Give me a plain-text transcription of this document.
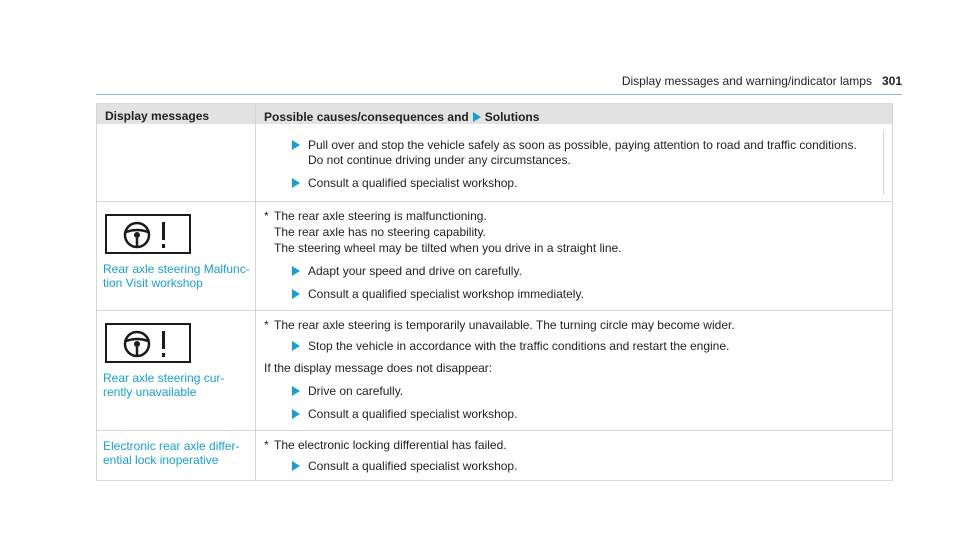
Display messages and warning/indicator lamps 301
Display messages	Possible causes/consequences and Solutions
Pull over and stop the vehicle safely as soon as possible, paying attention to road and traffic conditions. Do not continue driving under any circumstances.
Consult a qualified specialist workshop.
Rear axle steering Malfunc-
tion Visit workshop

* The rear axle steering is malfunctioning.

The rear axle has no steering capability.

The steering wheel may be tilted when you drive in a straight line.

Adapt your speed and drive on carefully.
Consult a qualified specialist workshop immediately.
Rear axle steering cur-
rently unavailable

* The rear axle steering is temporarily unavailable. The turning circle may become wider.

Stop the vehicle in accordance with the traffic conditions and restart the engine.

If the display message does not disappear:

Drive on carefully.
Consult a qualified specialist workshop.
Electronic rear axle differ-
ential lock inoperative

* The electronic locking differential has failed.

Consult a qualified specialist workshop.
